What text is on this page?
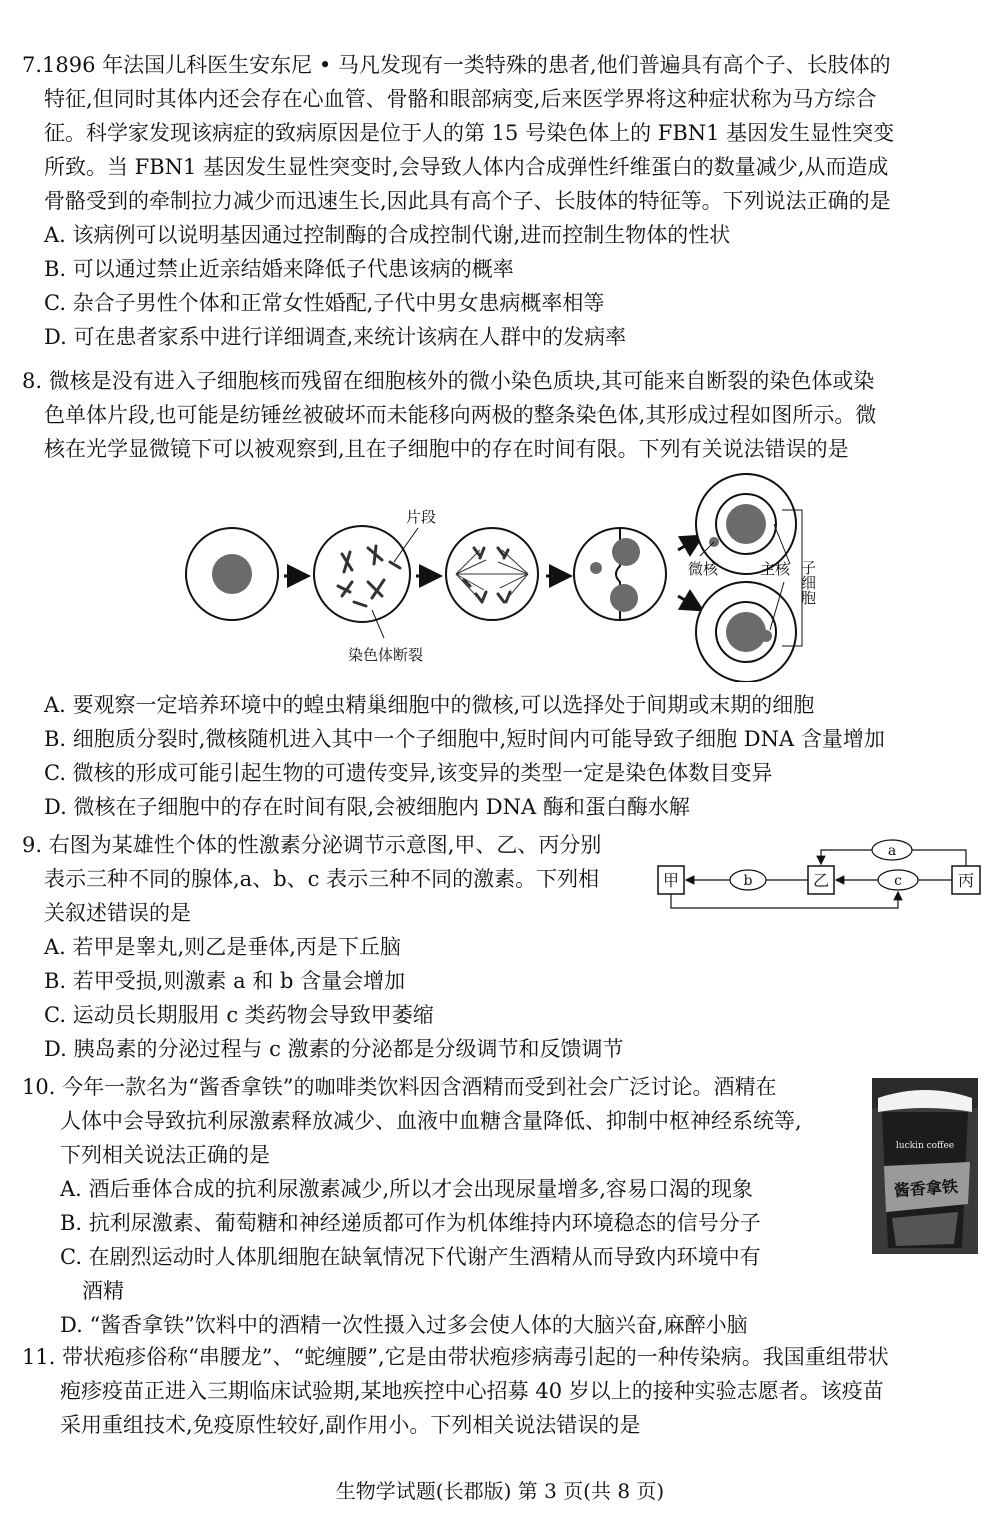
7.1896 年法国儿科医生安东尼 • 马凡发现有一类特殊的患者,他们普遍具有高个子、长肢体的
特征,但同时其体内还会存在心血管、骨骼和眼部病变,后来医学界将这种症状称为马方综合
征。科学家发现该病症的致病原因是位于人的第 15 号染色体上的 FBN1 基因发生显性突变
所致。当 FBN1 基因发生显性突变时,会导致人体内合成弹性纤维蛋白的数量减少,从而造成
骨骼受到的牵制拉力减少而迅速生长,因此具有高个子、长肢体的特征等。下列说法正确的是
A. 该病例可以说明基因通过控制酶的合成控制代谢,进而控制生物体的性状
B. 可以通过禁止近亲结婚来降低子代患该病的概率
C. 杂合子男性个体和正常女性婚配,子代中男女患病概率相等
D. 可在患者家系中进行详细调查,来统计该病在人群中的发病率
8. 微核是没有进入子细胞核而残留在细胞核外的微小染色质块,其可能来自断裂的染色体或染
色单体片段,也可能是纺锤丝被破坏而未能移向两极的整条染色体,其形成过程如图所示。微
核在光学显微镜下可以被观察到,且在子细胞中的存在时间有限。下列有关说法错误的是
片段
染色体断裂
微核	主核 子细胞
A. 要观察一定培养环境中的蝗虫精巢细胞中的微核,可以选择处于间期或末期的细胞
B. 细胞质分裂时,微核随机进入其中一个子细胞中,短时间内可能导致子细胞 DNA 含量增加
C. 微核的形成可能引起生物的可遗传变异,该变异的类型一定是染色体数目变异
D. 微核在子细胞中的存在时间有限,会被细胞内 DNA 酶和蛋白酶水解
9. 右图为某雄性个体的性激素分泌调节示意图,甲、乙、丙分别
表示三种不同的腺体,a、b、c 表示三种不同的激素。下列相
关叙述错误的是
甲	乙	丙
a
b	c
A. 若甲是睾丸,则乙是垂体,丙是下丘脑
B. 若甲受损,则激素 a 和 b 含量会增加
C. 运动员长期服用 c 类药物会导致甲萎缩
D. 胰岛素的分泌过程与 c 激素的分泌都是分级调节和反馈调节
10. 今年一款名为“酱香拿铁”的咖啡类饮料因含酒精而受到社会广泛讨论。酒精在
人体中会导致抗利尿激素释放减少、血液中血糖含量降低、抑制中枢神经系统等,
下列相关说法正确的是
A. 酒后垂体合成的抗利尿激素减少,所以才会出现尿量增多,容易口渴的现象
B. 抗利尿激素、葡萄糖和神经递质都可作为机体维持内环境稳态的信号分子
C. 在剧烈运动时人体肌细胞在缺氧情况下代谢产生酒精从而导致内环境中有
酒精
D. “酱香拿铁”饮料中的酒精一次性摄入过多会使人体的大脑兴奋,麻醉小脑
luckin coffee
酱香拿铁
11. 带状疱疹俗称“串腰龙”、“蛇缠腰”,它是由带状疱疹病毒引起的一种传染病。我国重组带状
疱疹疫苗正进入三期临床试验期,某地疾控中心招募 40 岁以上的接种实验志愿者。该疫苗
采用重组技术,免疫原性较好,副作用小。下列相关说法错误的是
生物学试题(长郡版) 第 3 页(共 8 页)
